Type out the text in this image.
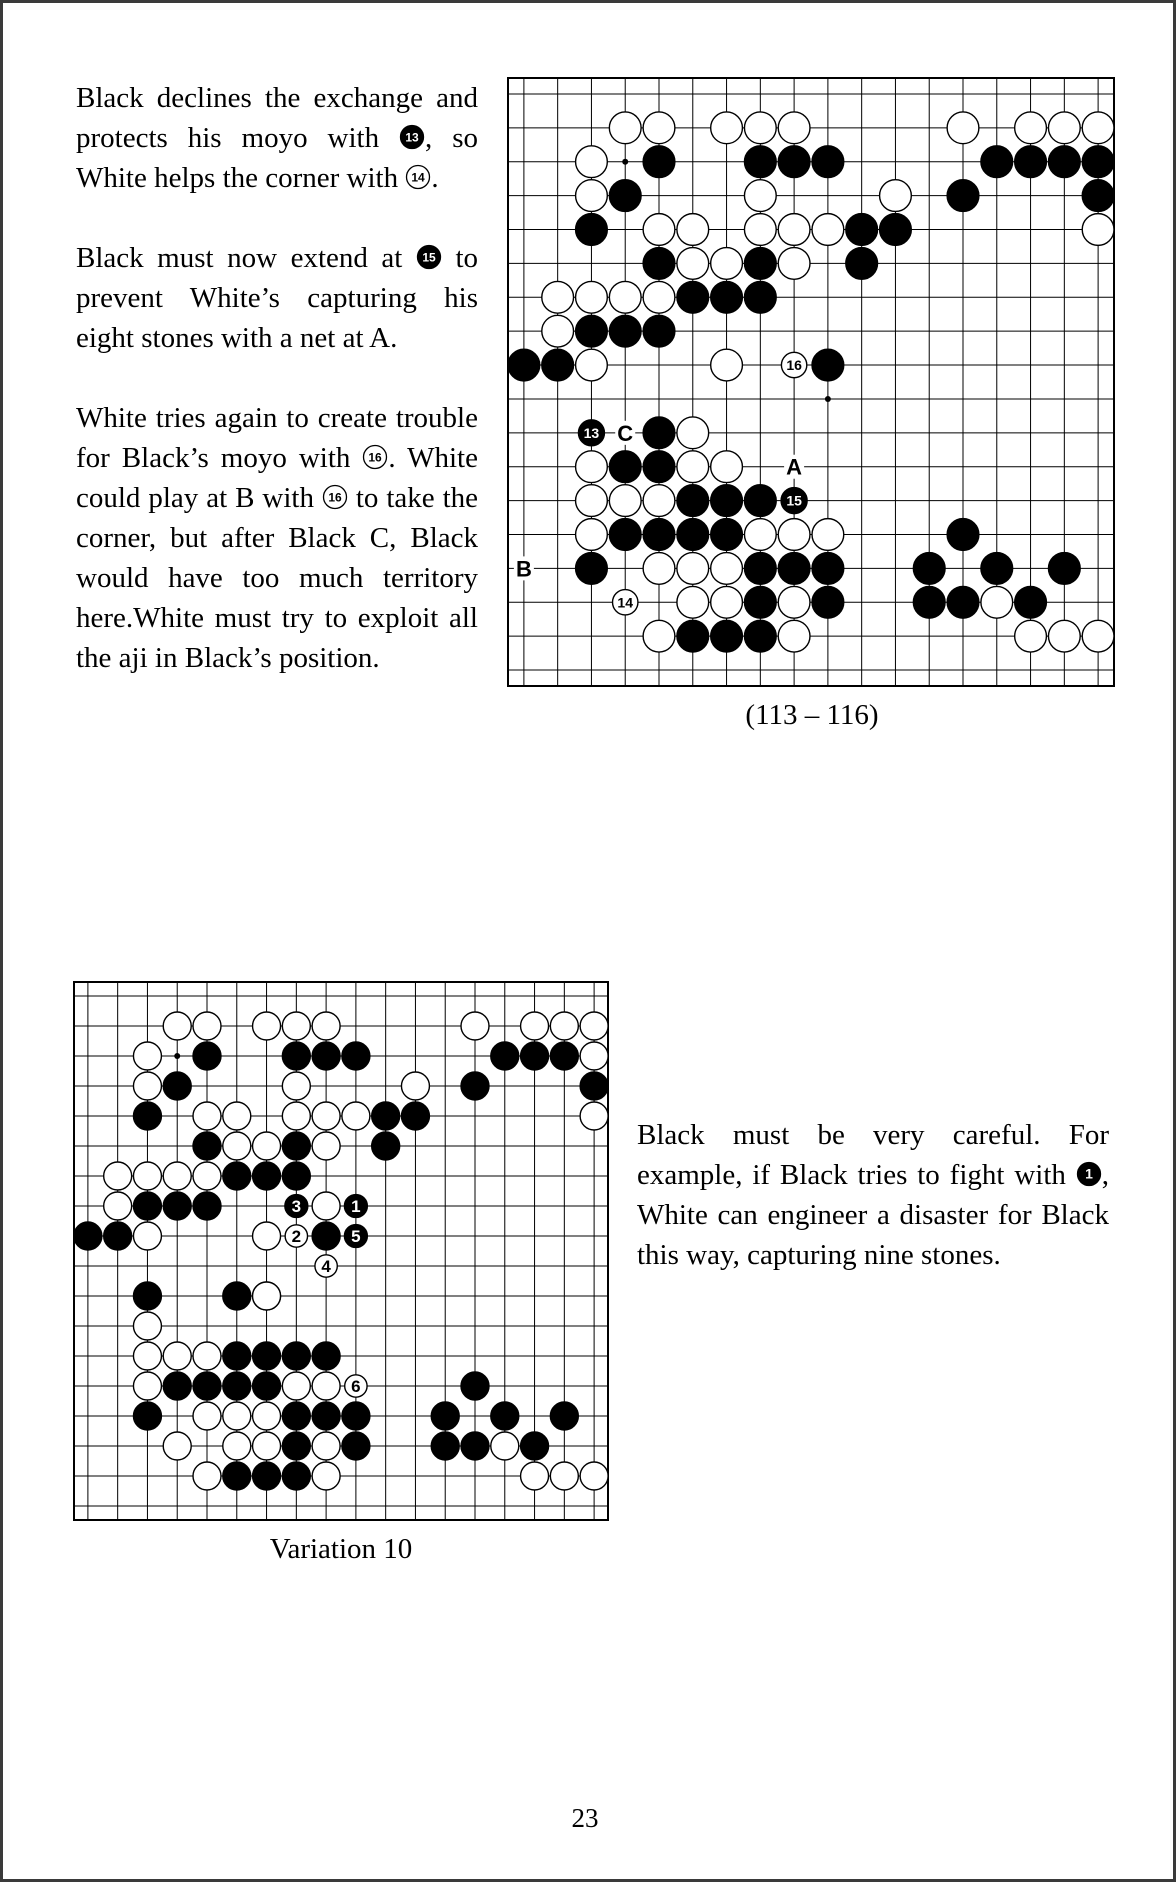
Black declines the exchange and protects his moyo with 13 , so White helps the corner with 14 .

Black must now extend at 15 to prevent White’s capturing his eight stones with a net at A.

White tries again to create trouble for Black’s moyo with 16 . White could play at B with 16 to take the corner, but after Black C, Black would have too much territory here.White must try to exploit all the aji in Black’s position.

13
14
15
16
A
B
C
(113 – 116)
1
2
3
4
5
6
Variation 10

Black must be very careful. For example, if Black tries to fight with 1 , White can engineer a disaster for Black this way, capturing nine stones.

23
